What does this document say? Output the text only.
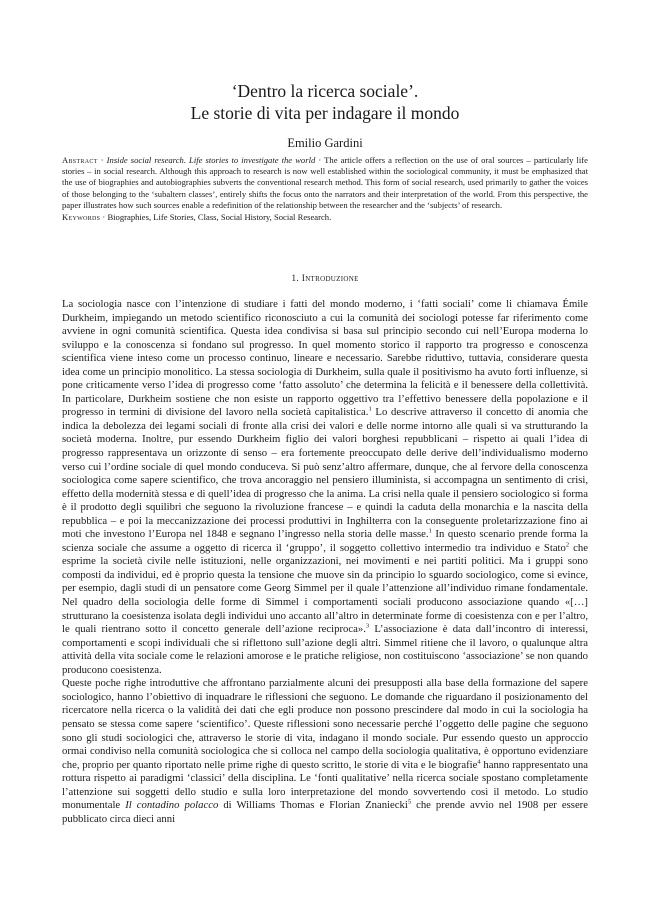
‘Dentro la ricerca sociale’.
Le storie di vita per indagare il mondo
Emilio Gardini
Abstract · Inside social research. Life stories to investigate the world · The article offers a reflection on the use of oral sources – particularly life stories – in social research. Although this approach to research is now well established within the sociological community, it must be emphasized that the use of biographies and autobiographies subverts the conventional research method. This form of social research, used primarily to gather the voices of those belonging to the ‘subaltern classes’, entirely shifts the focus onto the narrators and their interpretation of the world. From this perspective, the paper illustrates how such sources enable a redefinition of the relationship between the researcher and the ‘subjects’ of research.
Keywords · Biographies, Life Stories, Class, Social History, Social Research.
1. Introduzione

La sociologia nasce con l’intenzione di studiare i fatti del mondo moderno, i ‘fatti sociali’ come li chiamava Émile Durkheim, impiegando un metodo scientifico riconosciuto a cui la comunità dei sociologi potesse far riferimento come avviene in ogni comunità scientifica. Questa idea condivisa si basa sul principio secondo cui nell’Europa moderna lo sviluppo e la conoscenza si fondano sul progresso. In quel momento storico il rapporto tra progresso e conoscenza scientifica viene inteso come un processo continuo, lineare e necessario. Sarebbe riduttivo, tuttavia, considerare questa idea come un principio monolitico. La stessa sociologia di Durkheim, sulla quale il positivismo ha avuto forti influenze, si pone criticamente verso l’idea di progresso come ‘fatto assoluto’ che determina la felicità e il benessere della collettività. In particolare, Durkheim sostiene che non esiste un rapporto oggettivo tra l’effettivo benessere della popolazione e il progresso in termini di divisione del lavoro nella società capitalistica.$^1$ Lo descrive attraverso il concetto di anomia che indica la debolezza dei legami sociali di fronte alla crisi dei valori e delle norme intorno alle quali si va strutturando la società moderna. Inoltre, pur essendo Durkheim figlio dei valori borghesi repubblicani – rispetto ai quali l’idea di progresso rappresentava un orizzonte di senso – era fortemente preoccupato delle derive dell’individualismo moderno verso cui l’ordine sociale di quel mondo conduceva. Si può senz’altro affermare, dunque, che al fervore della conoscenza sociologica come sapere scientifico, che trova ancoraggio nel pensiero illuminista, si accompagna un sentimento di crisi, effetto della modernità stessa e di quell’idea di progresso che la anima. La crisi nella quale il pensiero sociologico si forma è il prodotto degli squilibri che seguono la rivoluzione francese – e quindi la caduta della monarchia e la nascita della repubblica – e poi la meccanizzazione dei processi produttivi in Inghilterra con la conseguente proletarizzazione fino ai moti che investono l’Europa nel 1848 e segnano l’ingresso nella storia delle masse.$^1$ In questo scenario prende forma la scienza sociale che assume a oggetto di ricerca il ‘gruppo’, il soggetto collettivo intermedio tra individuo e Stato$^2$ che esprime la società civile nelle istituzioni, nelle organizzazioni, nei movimenti e nei partiti politici. Ma i gruppi sono composti da individui, ed è proprio questa la tensione che muove sin da principio lo sguardo sociologico, come si evince, per esempio, dagli studi di un pensatore come Georg Simmel per il quale l’attenzione all’individuo rimane fondamentale. Nel quadro della sociologia delle forme di Simmel i comportamenti sociali producono associazione quando «[…] strutturano la coesistenza isolata degli individui uno accanto all’altro in determinate forme di coesistenza con e per l’altro, le quali rientrano sotto il concetto generale dell’azione reciproca».$^3$ L’associazione è data dall’incontro di interessi, comportamenti e scopi individuali che si riflettono sull’azione degli altri. Simmel ritiene che il lavoro, o qualunque altra attività della vita sociale come le relazioni amorose e le pratiche religiose, non costituiscono ‘associazione’ se non quando producono coesistenza.

Queste poche righe introduttive che affrontano parzialmente alcuni dei presupposti alla base della formazione del sapere sociologico, hanno l’obiettivo di inquadrare le riflessioni che seguono. Le domande che riguardano il posizionamento del ricercatore nella ricerca o la validità dei dati che egli produce non possono prescindere dal modo in cui la sociologia ha pensato se stessa come sapere ‘scientifico’. Queste riflessioni sono necessarie perché l’oggetto delle pagine che seguono sono gli studi sociologici che, attraverso le storie di vita, indagano il mondo sociale. Pur essendo questo un approccio ormai condiviso nella comunità sociologica che si colloca nel campo della sociologia qualitativa, è opportuno evidenziare che, proprio per quanto riportato nelle prime righe di questo scritto, le storie di vita e le biografie$^4$ hanno rappresentato una rottura rispetto ai paradigmi ‘classici’ della disciplina. Le ‘fonti qualitative’ nella ricerca sociale spostano completamente l’attenzione sui soggetti dello studio e sulla loro interpretazione del mondo sovvertendo così il metodo. Lo studio monumentale Il contadino polacco di Williams Thomas e Florian Znaniecki$^5$ che prende avvio nel 1908 per essere pubblicato circa dieci anni
